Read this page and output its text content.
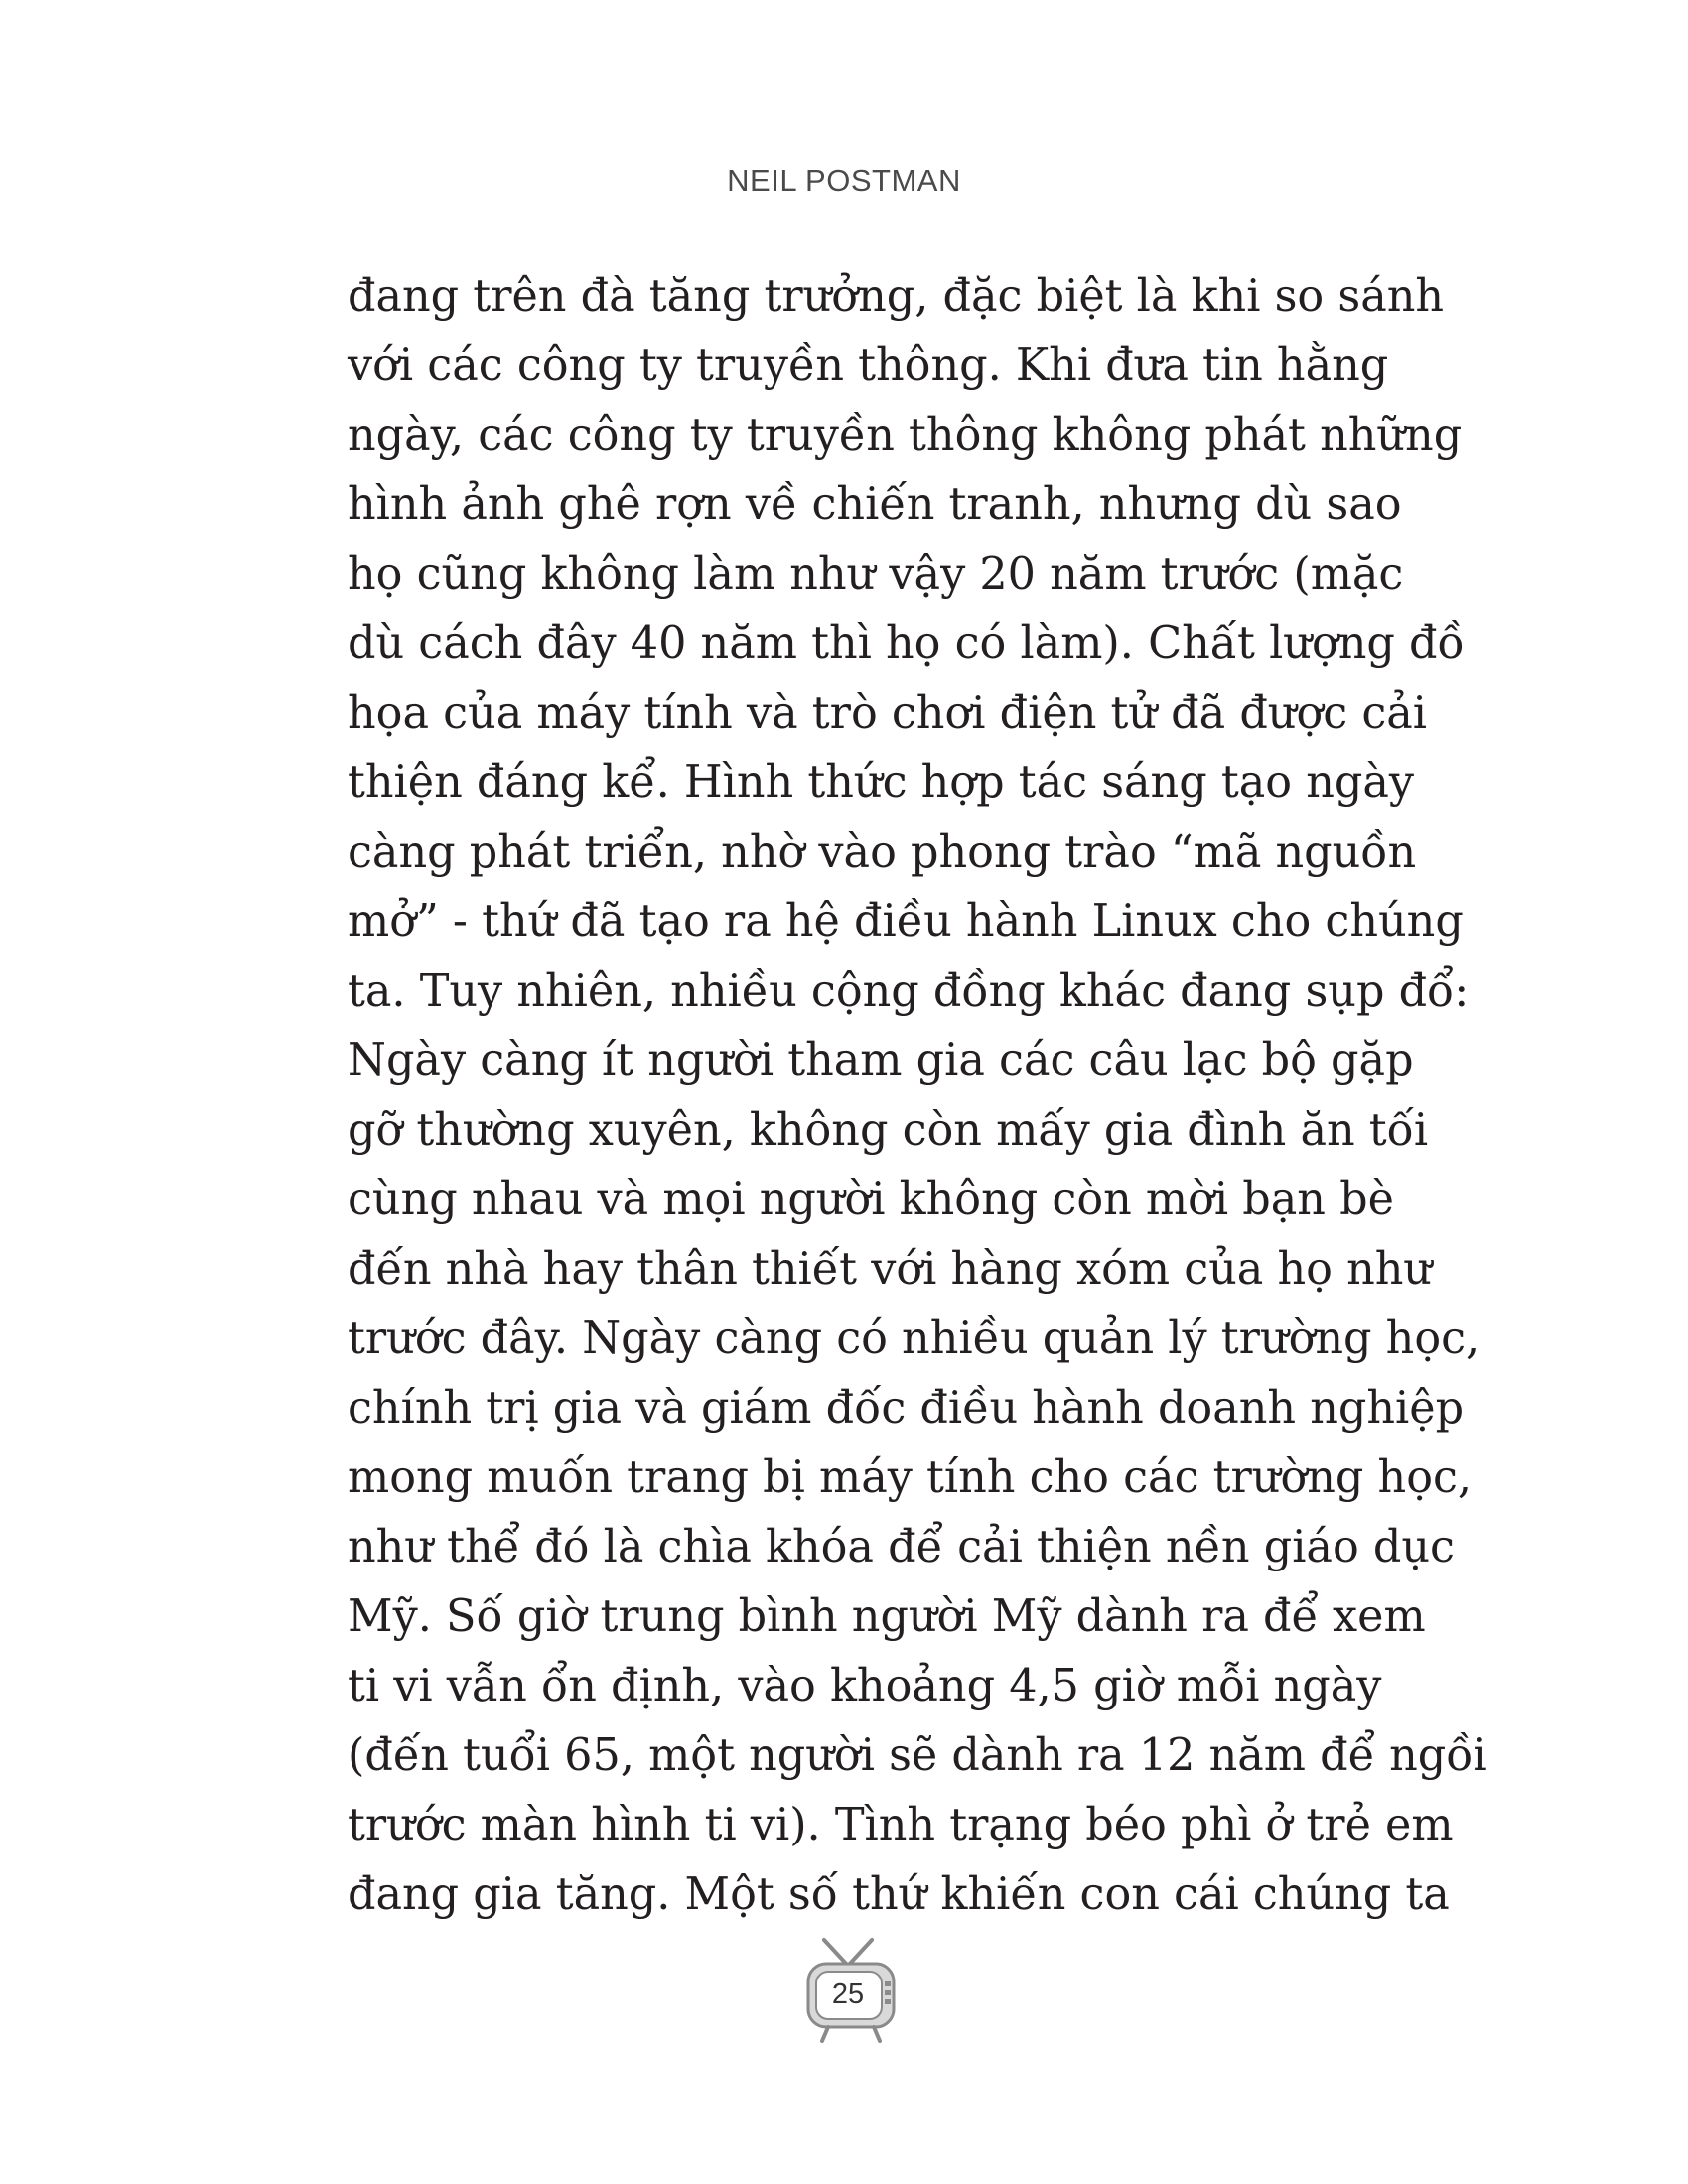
NEIL POSTMAN
đang trên đà tăng trưởng, đặc biệt là khi so sánh
với các công ty truyền thông. Khi đưa tin hằng
ngày, các công ty truyền thông không phát những
hình ảnh ghê rợn về chiến tranh, nhưng dù sao
họ cũng không làm như vậy 20 năm trước (mặc
dù cách đây 40 năm thì họ có làm). Chất lượng đồ
họa của máy tính và trò chơi điện tử đã được cải
thiện đáng kể. Hình thức hợp tác sáng tạo ngày
càng phát triển, nhờ vào phong trào “mã nguồn
mở” - thứ đã tạo ra hệ điều hành Linux cho chúng
ta. Tuy nhiên, nhiều cộng đồng khác đang sụp đổ:
Ngày càng ít người tham gia các câu lạc bộ gặp
gỡ thường xuyên, không còn mấy gia đình ăn tối
cùng nhau và mọi người không còn mời bạn bè
đến nhà hay thân thiết với hàng xóm của họ như
trước đây. Ngày càng có nhiều quản lý trường học,
chính trị gia và giám đốc điều hành doanh nghiệp
mong muốn trang bị máy tính cho các trường học,
như thể đó là chìa khóa để cải thiện nền giáo dục
Mỹ. Số giờ trung bình người Mỹ dành ra để xem
ti vi vẫn ổn định, vào khoảng 4,5 giờ mỗi ngày
(đến tuổi 65, một người sẽ dành ra 12 năm để ngồi
trước màn hình ti vi). Tình trạng béo phì ở trẻ em
đang gia tăng. Một số thứ khiến con cái chúng ta
25
